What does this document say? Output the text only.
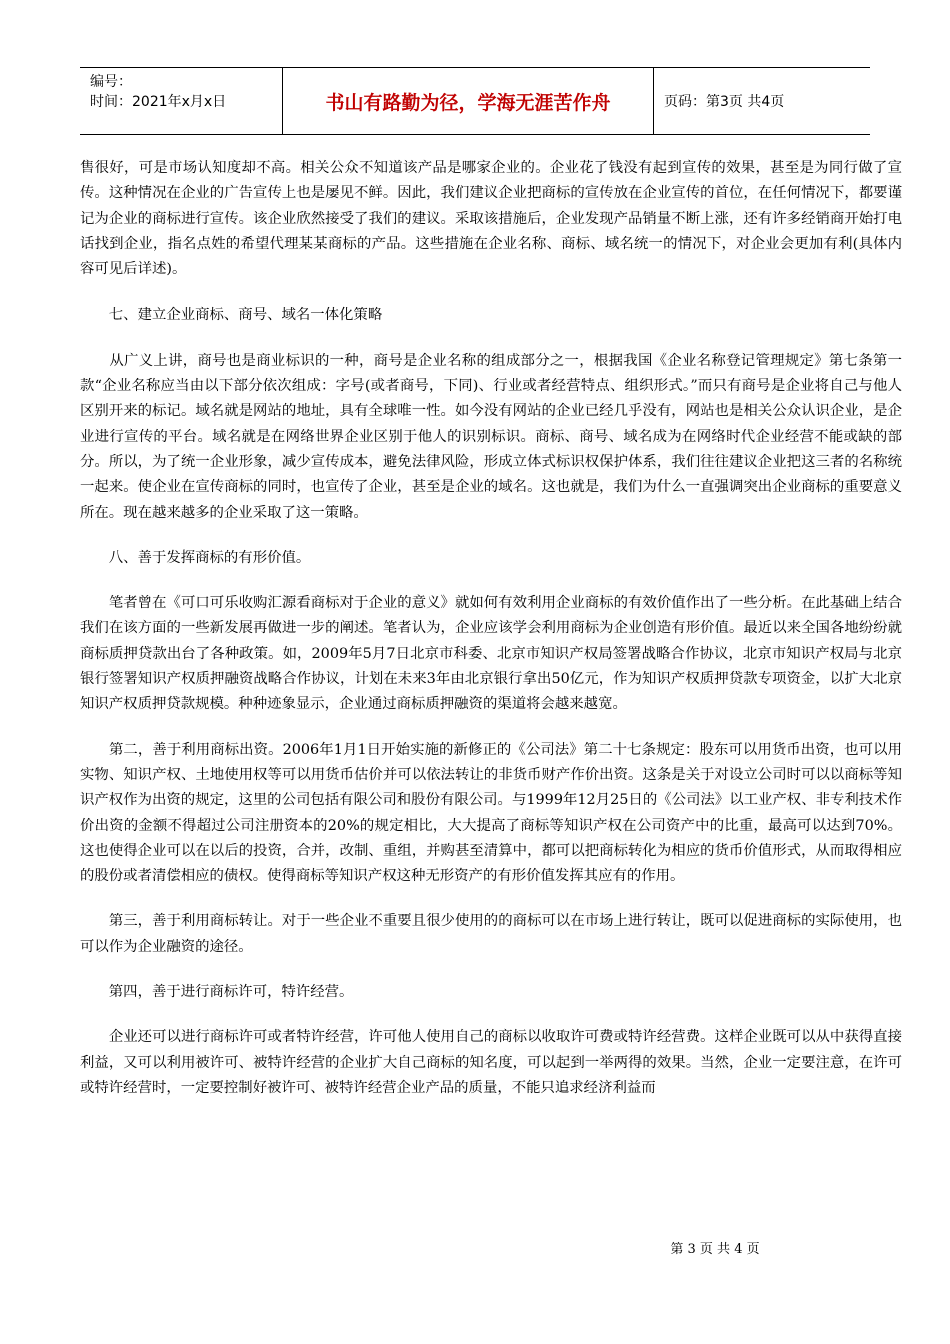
编号：
时间：2021年x月x日	书山有路勤为径，学海无涯苦作舟	页码：第3页 共4页

售很好，可是市场认知度却不高。相关公众不知道该产品是哪家企业的。企业花了钱没有起到宣传的效果，甚至是为同行做了宣传。这种情况在企业的广告宣传上也是屡见不鲜。因此，我们建议企业把商标的宣传放在企业宣传的首位，在任何情况下，都要谨记为企业的商标进行宣传。该企业欣然接受了我们的建议。采取该措施后，企业发现产品销量不断上涨，还有许多经销商开始打电话找到企业，指名点姓的希望代理某某商标的产品。这些措施在企业名称、商标、域名统一的情况下，对企业会更加有利(具体内容可见后详述)。

　　七、建立企业商标、商号、域名一体化策略

　　从广义上讲，商号也是商业标识的一种，商号是企业名称的组成部分之一，根据我国《企业名称登记管理规定》第七条第一款“企业名称应当由以下部分依次组成：字号(或者商号，下同)、行业或者经营特点、组织形式。”而只有商号是企业将自己与他人区别开来的标记。域名就是网站的地址，具有全球唯一性。如今没有网站的企业已经几乎没有，网站也是相关公众认识企业，是企业进行宣传的平台。域名就是在网络世界企业区别于他人的识别标识。商标、商号、域名成为在网络时代企业经营不能或缺的部分。所以，为了统一企业形象，减少宣传成本，避免法律风险，形成立体式标识权保护体系，我们往往建议企业把这三者的名称统一起来。使企业在宣传商标的同时，也宣传了企业，甚至是企业的域名。这也就是，我们为什么一直强调突出企业商标的重要意义所在。现在越来越多的企业采取了这一策略。

　　八、善于发挥商标的有形价值。

　　笔者曾在《可口可乐收购汇源看商标对于企业的意义》就如何有效利用企业商标的有效价值作出了一些分析。在此基础上结合我们在该方面的一些新发展再做进一步的阐述。笔者认为，企业应该学会利用商标为企业创造有形价值。最近以来全国各地纷纷就商标质押贷款出台了各种政策。如，2009年5月7日北京市科委、北京市知识产权局签署战略合作协议，北京市知识产权局与北京银行签署知识产权质押融资战略合作协议，计划在未来3年由北京银行拿出50亿元，作为知识产权质押贷款专项资金，以扩大北京知识产权质押贷款规模。种种迹象显示，企业通过商标质押融资的渠道将会越来越宽。

　　第二，善于利用商标出资。2006年1月1日开始实施的新修正的《公司法》第二十七条规定：股东可以用货币出资，也可以用实物、知识产权、土地使用权等可以用货币估价并可以依法转让的非货币财产作价出资。这条是关于对设立公司时可以以商标等知识产权作为出资的规定，这里的公司包括有限公司和股份有限公司。与1999年12月25日的《公司法》以工业产权、非专利技术作价出资的金额不得超过公司注册资本的20%的规定相比，大大提高了商标等知识产权在公司资产中的比重，最高可以达到70%。这也使得企业可以在以后的投资，合并，改制、重组，并购甚至清算中，都可以把商标转化为相应的货币价值形式，从而取得相应的股份或者清偿相应的债权。使得商标等知识产权这种无形资产的有形价值发挥其应有的作用。

　　第三，善于利用商标转让。对于一些企业不重要且很少使用的的商标可以在市场上进行转让，既可以促进商标的实际使用，也可以作为企业融资的途径。

　　第四，善于进行商标许可，特许经营。

　　企业还可以进行商标许可或者特许经营，许可他人使用自己的商标以收取许可费或特许经营费。这样企业既可以从中获得直接利益，又可以利用被许可、被特许经营的企业扩大自己商标的知名度，可以起到一举两得的效果。当然，企业一定要注意，在许可或特许经营时，一定要控制好被许可、被特许经营企业产品的质量，不能只追求经济利益而

第 3 页 共 4 页
